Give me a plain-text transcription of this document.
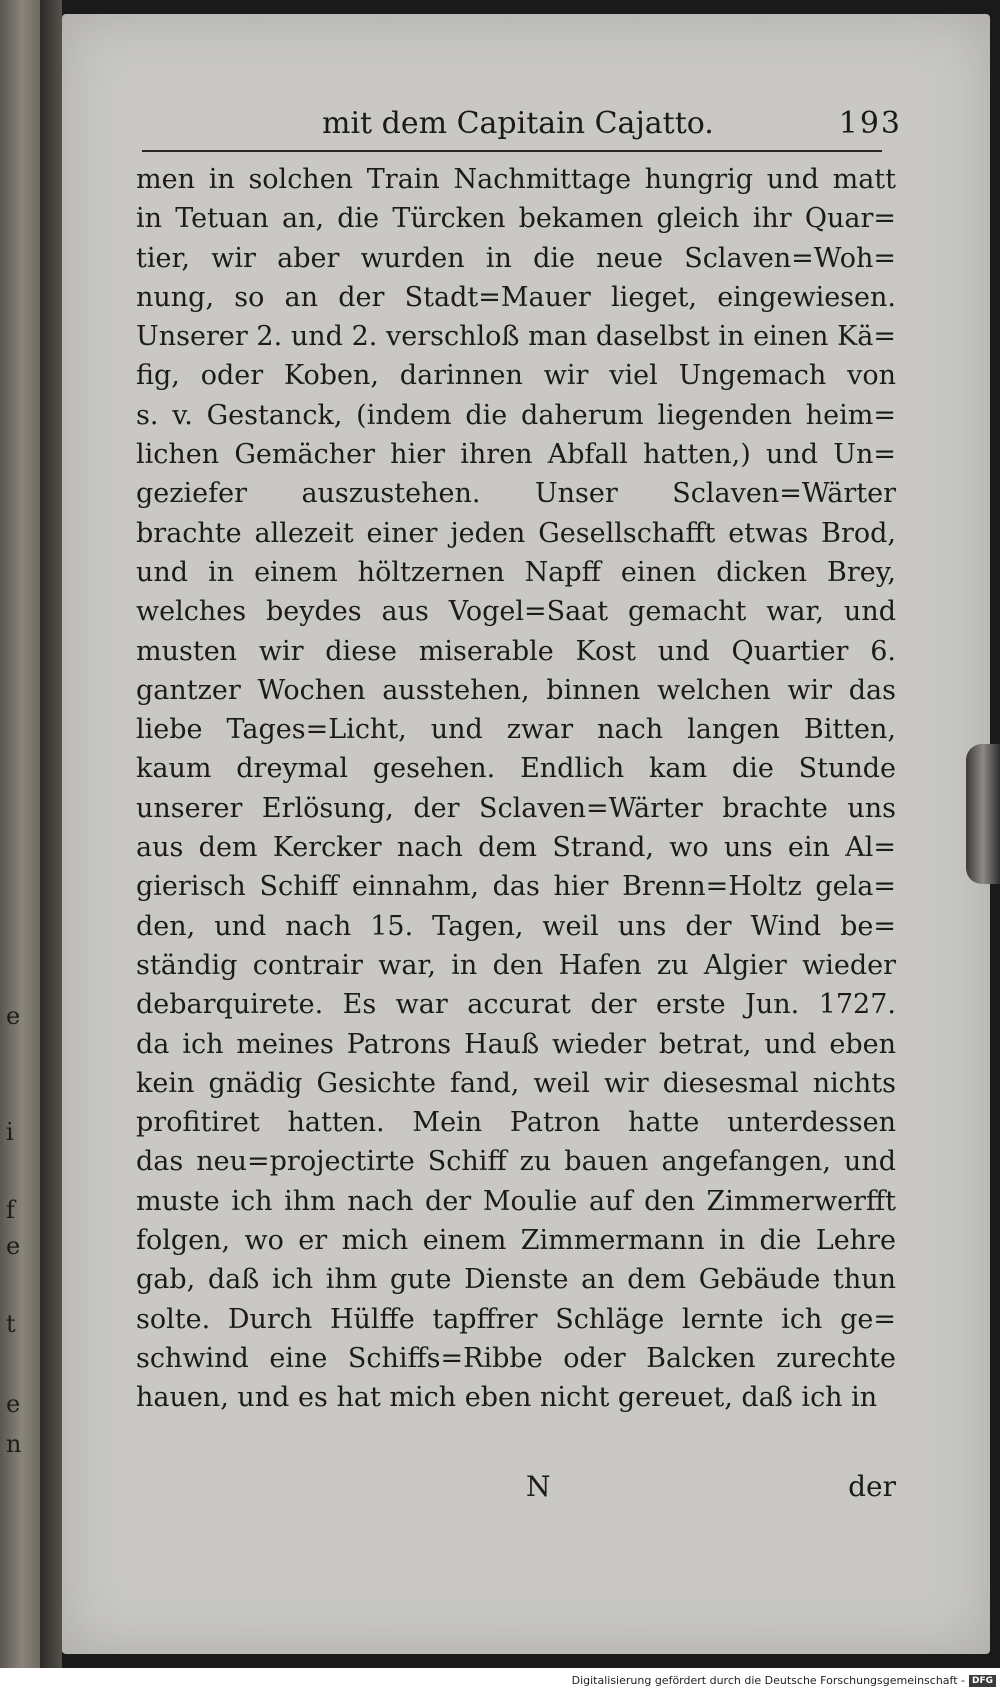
e
i
f
e
t
e
n
mit dem Capitain Cajatto.	193
men in solchen Train Nachmittage hungrig und matt
in Tetuan an, die Türcken bekamen gleich ihr Quar=
tier, wir aber wurden in die neue Sclaven=Woh=
nung, so an der Stadt=Mauer lieget, eingewiesen.
Unserer 2. und 2. verschloß man daselbst in einen Kä=
fig, oder Koben, darinnen wir viel Ungemach von
s. v. Gestanck, (indem die daherum liegenden heim=
lichen Gemächer hier ihren Abfall hatten,) und Un=
geziefer auszustehen. Unser Sclaven=Wärter
brachte allezeit einer jeden Gesellschafft etwas Brod,
und in einem höltzernen Napff einen dicken Brey,
welches beydes aus Vogel=Saat gemacht war, und
musten wir diese miserable Kost und Quartier 6.
gantzer Wochen ausstehen, binnen welchen wir das
liebe Tages=Licht, und zwar nach langen Bitten,
kaum dreymal gesehen. Endlich kam die Stunde
unserer Erlösung, der Sclaven=Wärter brachte uns
aus dem Kercker nach dem Strand, wo uns ein Al=
gierisch Schiff einnahm, das hier Brenn=Holtz gela=
den, und nach 15. Tagen, weil uns der Wind be=
ständig contrair war, in den Hafen zu Algier wieder
debarquirete. Es war accurat der erste Jun. 1727.
da ich meines Patrons Hauß wieder betrat, und eben
kein gnädig Gesichte fand, weil wir diesesmal nichts
profitiret hatten. Mein Patron hatte unterdessen
das neu=projectirte Schiff zu bauen angefangen, und
muste ich ihm nach der Moulie auf den Zimmerwerfft
folgen, wo er mich einem Zimmermann in die Lehre
gab, daß ich ihm gute Dienste an dem Gebäude thun
solte. Durch Hülffe tapffrer Schläge lernte ich ge=
schwind eine Schiffs=Ribbe oder Balcken zurechte
hauen, und es hat mich eben nicht gereuet, daß ich in
N	der
Digitalisierung gefördert durch die Deutsche Forschungsgemeinschaft - DFG
